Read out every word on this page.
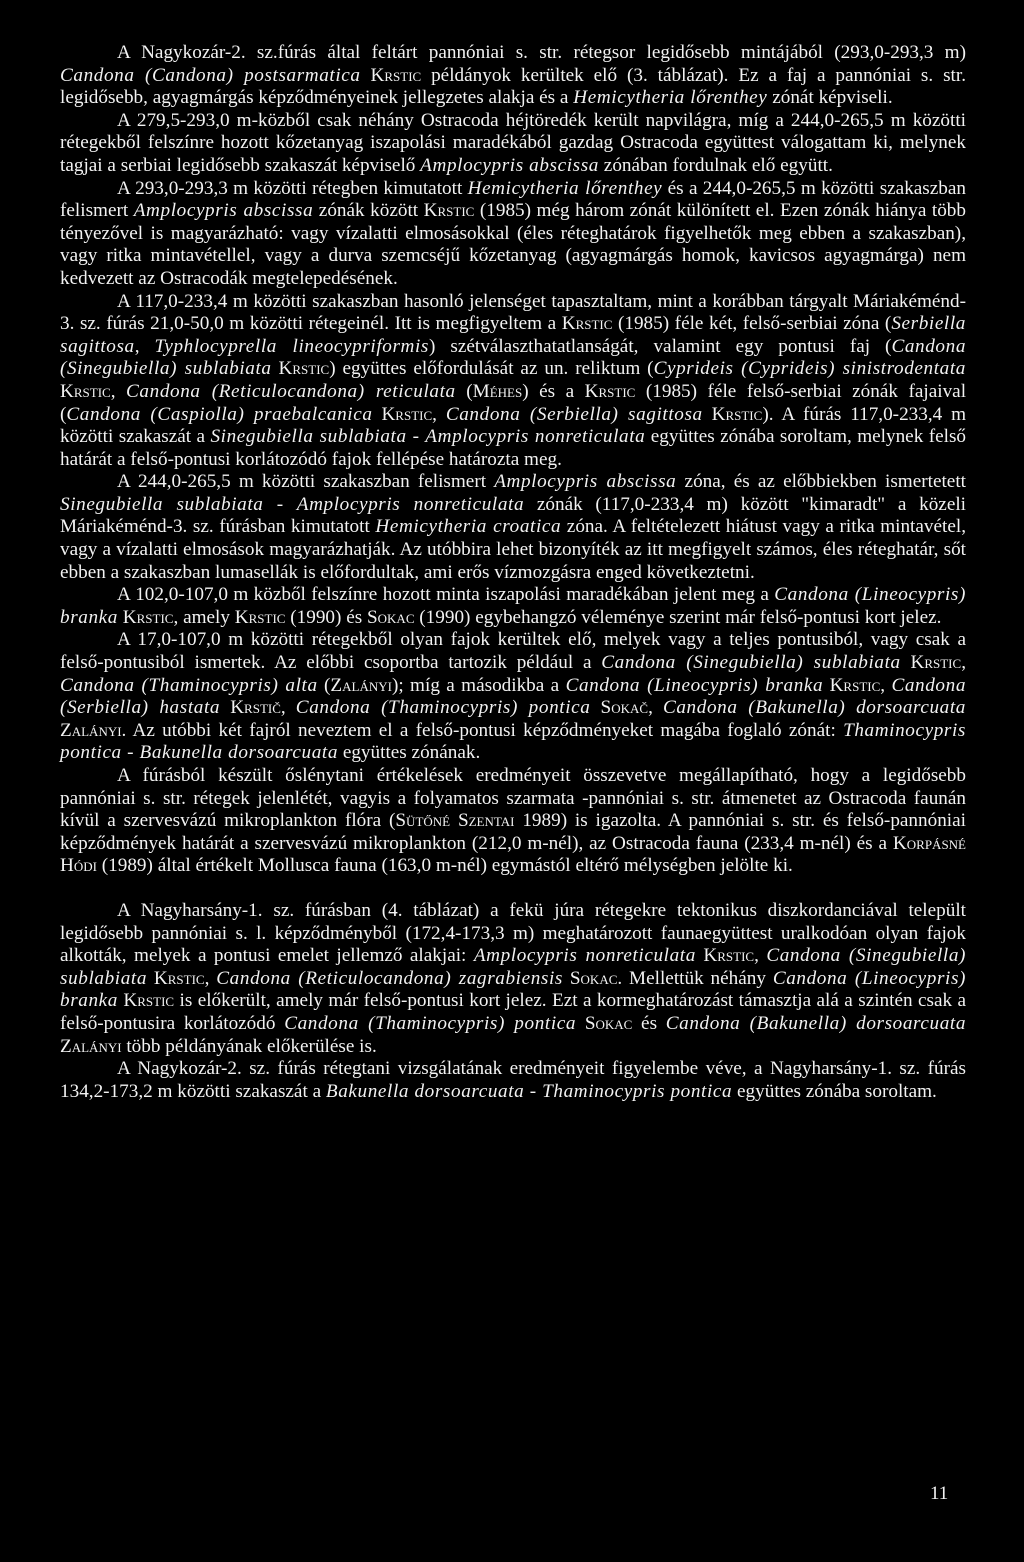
A Nagykozár-2. sz.fúrás által feltárt pannóniai s. str. rétegsor legidősebb mintájából (293,0-293,3 m) Candona (Candona) postsarmatica Krstic példányok kerültek elő (3. táblázat). Ez a faj a pannóniai s. str. legidősebb, agyagmárgás képződményeinek jellegzetes alakja és a Hemicytheria lőrenthey zónát képviseli.

A 279,5-293,0 m-közből csak néhány Ostracoda héjtöredék került napvilágra, míg a 244,0-265,5 m közötti rétegekből felszínre hozott kőzetanyag iszapolási maradékából gazdag Ostracoda együttest válogattam ki, melynek tagjai a serbiai legidősebb szakaszát képviselő Amplocypris abscissa zónában fordulnak elő együtt.

A 293,0-293,3 m közötti rétegben kimutatott Hemicytheria lőrenthey és a 244,0-265,5 m közötti szakaszban felismert Amplocypris abscissa zónák között Krstic (1985) még három zónát különített el. Ezen zónák hiánya több tényezővel is magyarázható: vagy vízalatti elmosásokkal (éles réteghatárok figyelhetők meg ebben a szakaszban), vagy ritka mintavétellel, vagy a durva szemcséjű kőzetanyag (agyagmárgás homok, kavicsos agyagmárga) nem kedvezett az Ostracodák megtelepedésének.

A 117,0-233,4 m közötti szakaszban hasonló jelenséget tapasztaltam, mint a korábban tárgyalt Máriakéménd-3. sz. fúrás 21,0-50,0 m közötti rétegeinél. Itt is megfigyeltem a Krstic (1985) féle két, felső-serbiai zóna (Serbiella sagittosa, Typhlocyprella lineocypriformis) szétválaszthatatlanságát, valamint egy pontusi faj (Candona (Sinegubiella) sublabiata Krstic) együttes előfordulását az un. reliktum (Cyprideis (Cyprideis) sinistrodentata Krstic, Candona (Reticulocandona) reticulata (Méhes) és a Krstic (1985) féle felső-serbiai zónák fajaival (Candona (Caspiolla) praebalcanica Krstic, Candona (Serbiella) sagittosa Krstic). A fúrás 117,0-233,4 m közötti szakaszát a Sinegubiella sublabiata - Amplocypris nonreticulata együttes zónába soroltam, melynek felső határát a felső-pontusi korlátozódó fajok fellépése határozta meg.

A 244,0-265,5 m közötti szakaszban felismert Amplocypris abscissa zóna, és az előbbiekben ismertetett Sinegubiella sublabiata - Amplocypris nonreticulata zónák (117,0-233,4 m) között "kimaradt" a közeli Máriakéménd-3. sz. fúrásban kimutatott Hemicytheria croatica zóna. A feltételezett hiátust vagy a ritka mintavétel, vagy a vízalatti elmosások magyarázhatják. Az utóbbira lehet bizonyíték az itt megfigyelt számos, éles réteghatár, sőt ebben a szakaszban lumasellák is előfordultak, ami erős vízmozgásra enged következtetni.

A 102,0-107,0 m közből felszínre hozott minta iszapolási maradékában jelent meg a Candona (Lineocypris) branka Krstic, amely Krstic (1990) és Sokac (1990) egybehangzó véleménye szerint már felső-pontusi kort jelez.

A 17,0-107,0 m közötti rétegekből olyan fajok kerültek elő, melyek vagy a teljes pontusiból, vagy csak a felső-pontusiból ismertek. Az előbbi csoportba tartozik például a Candona (Sinegubiella) sublabiata Krstic, Candona (Thaminocypris) alta (Zalányi); míg a másodikba a Candona (Lineocypris) branka Krstic, Candona (Serbiella) hastata Krstič, Candona (Thaminocypris) pontica Sokač, Candona (Bakunella) dorsoarcuata Zalányi. Az utóbbi két fajról neveztem el a felső-pontusi képződményeket magába foglaló zónát: Thaminocypris pontica - Bakunella dorsoarcuata együttes zónának.

A fúrásból készült őslénytani értékelések eredményeit összevetve megállapítható, hogy a legidősebb pannóniai s. str. rétegek jelenlétét, vagyis a folyamatos szarmata -pannóniai s. str. átmenetet az Ostracoda faunán kívül a szervesvázú mikroplankton flóra (Sütőné Szentai 1989) is igazolta. A pannóniai s. str. és felső-pannóniai képződmények határát a szervesvázú mikroplankton (212,0 m-nél), az Ostracoda fauna (233,4 m-nél) és a Korpásné Hódi (1989) által értékelt Mollusca fauna (163,0 m-nél) egymástól eltérő mélységben jelölte ki.

A Nagyharsány-1. sz. fúrásban (4. táblázat) a fekü júra rétegekre tektonikus diszkordanciával települt legidősebb pannóniai s. l. képződményből (172,4-173,3 m) meghatározott faunaegyüttest uralkodóan olyan fajok alkották, melyek a pontusi emelet jellemző alakjai: Amplocypris nonreticulata Krstic, Candona (Sinegubiella) sublabiata Krstic, Candona (Reticulocandona) zagrabiensis Sokac. Mellettük néhány Candona (Lineocypris) branka Krstic is előkerült, amely már felső-pontusi kort jelez. Ezt a kormeghatározást támasztja alá a szintén csak a felső-pontusira korlátozódó Candona (Thaminocypris) pontica Sokac és Candona (Bakunella) dorsoarcuata Zalányi több példányának előkerülése is.

A Nagykozár-2. sz. fúrás rétegtani vizsgálatának eredményeit figyelembe véve, a Nagyharsány-1. sz. fúrás 134,2-173,2 m közötti szakaszát a Bakunella dorsoarcuata - Thaminocypris pontica együttes zónába soroltam.

11
